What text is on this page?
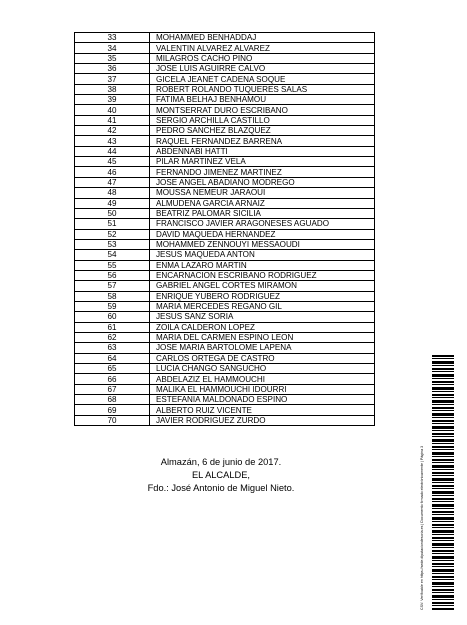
33	MOHAMMED BENHADDAJ
34	VALENTIN ALVAREZ ALVAREZ
35	MILAGROS CACHO PINO
36	JOSE LUIS AGUIRRE CALVO
37	GICELA JEANET CADENA SOQUE
38	ROBERT ROLANDO TUQUERES SALAS
39	FATIMA BELHAJ BENHAMOU
40	MONTSERRAT DURO ESCRIBANO
41	SERGIO ARCHILLA CASTILLO
42	PEDRO SANCHEZ BLAZQUEZ
43	RAQUEL FERNANDEZ BARRENA
44	ABDENNABI HATTI
45	PILAR MARTINEZ VELA
46	FERNANDO JIMENEZ MARTINEZ
47	JOSE ANGEL ABADIANO MODREGO
48	MOUSSA NEMEUR JARAOUI
49	ALMUDENA GARCIA ARNAIZ
50	BEATRIZ PALOMAR SICILIA
51	FRANCISCO JAVIER ARAGONESES AGUADO
52	DAVID MAQUEDA HERNANDEZ
53	MOHAMMED ZENNOUYI MESSAOUDI
54	JESUS MAQUEDA ANTON
55	ENMA LAZARO MARTIN
56	ENCARNACION ESCRIBANO RODRIGUEZ
57	GABRIEL ANGEL CORTES MIRAMON
58	ENRIQUE YUBERO RODRIGUEZ
59	MARIA MERCEDES REGANO GIL
60	JESUS SANZ SORIA
61	ZOILA CALDERON LOPEZ
62	MARIA DEL CARMEN ESPINO LEON
63	JOSE MARIA BARTOLOME LAPENA
64	CARLOS ORTEGA DE CASTRO
65	LUCIA CHANGO SANGUCHO
66	ABDELAZIZ EL HAMMOUCHI
67	MALIKA EL HAMMOUCHI IDOURRI
68	ESTEFANIA MALDONADO ESPINO
69	ALBERTO RUIZ VICENTE
70	JAVIER RODRIGUEZ ZURDO
Almazán, 6 de junio de 2017.
EL ALCALDE,
Fdo.: José Antonio de Miguel Nieto.	CSV: Verificable en https://sede.diputaciondesoria.es | Documento firmado electrónicamente | Página 3
